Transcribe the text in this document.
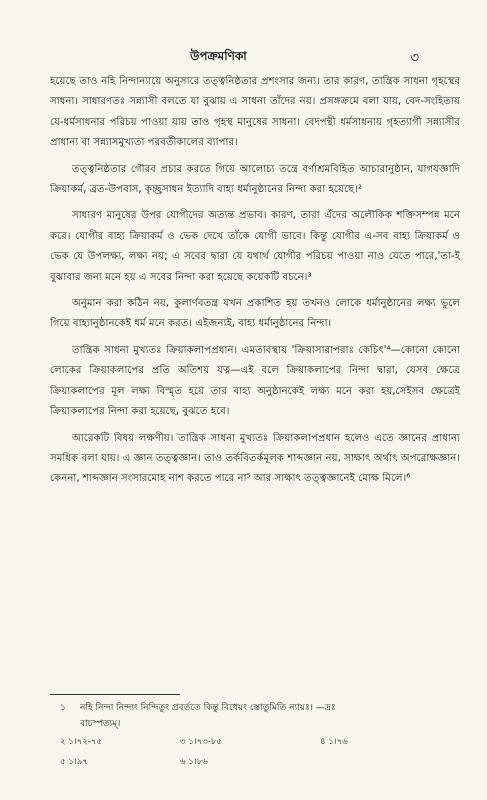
উপক্রমণিকা	৩

হয়েছে তাও নহি নিন্দান্যায়ে অনুসারে তত্ত্বনিষ্ঠতার প্রশংসার জন্য। তার কারণ, তান্ত্রিক সাধনা গৃহস্থের সাধনা। সাধারণতঃ সন্ন্যাসী বলতে যা বুঝায় এ সাধনা তাঁদের নয়। প্রসঙ্গক্রমে বলা যায়, বেদ-সংহিতায় যে-ধর্মসাধনার পরিচয় পাওয়া যায় তাও গৃহস্থ মানুষের সাধনা। বেদপন্থী ধর্মসাধনায় গৃহত্যাগী সন্ন্যাসীর প্রাধান্য বা সন্ন্যাসমুখ্যতা পরবর্তীকালের ব্যাপার।

তত্ত্বনিষ্ঠতার গৌরব প্রচার করতে গিয়ে আলোচ্য তন্ত্রে বর্ণাশ্রমবিহিত আচারানুষ্ঠান, যাগযজ্ঞাদি ক্রিয়াকর্ম, ব্রত-উপবাস, কৃচ্ছ্রসাধন ইত্যাদি বাহ্য ধর্মানুষ্ঠানের নিন্দা করা হয়েছে।²

সাধারণ মানুষের উপর যোগীদের অত্যন্ত প্রভাব। কারণ, তারা এঁদের অলৌকিক শক্তিসম্পন্ন মনে করে। যোগীর বাহ্য ক্রিয়াকর্ম ও ভেক দেখে তাঁকে যোগী ভাবে। কিন্তু যোগীর এ-সব বাহ্য ক্রিয়াকর্ম ও ভেক যে উপলক্ষ্য, লক্ষ্য নয়; এ সবের দ্বারা যে যথার্থ যোগীর পরিচয় পাওয়া নাও যেতে পারে,'তা-ই বুঝাবার জন্য মনে হয় এ সবের নিন্দা করা হয়েছে কয়েকটি বচনে।³

অনুমান করা কঠিন নয়, কুলার্ণবতন্ত্র যখন প্রকাশিত হয় তখনও লোকে ধর্মানুষ্ঠানের লক্ষ্য ভুলে গিয়ে বাহ্যানুষ্ঠানকেই ধর্ম মনে করত। এইজন্যই, বাহ্য ধর্মানুষ্ঠানের নিন্দা।

তান্ত্রিক সাধনা মুখ্যতঃ ক্রিয়াকলাপপ্রধান। এমতাবস্থায় 'ক্রিয়াসারাপরাঃ কেচিৎ'⁴—কোনো কোনো লোকের ক্রিয়াকলাপের প্রতি অতিশয় যত্ন—এই বলে ক্রিয়াকলাপের নিন্দা দ্বারা, যেসব ক্ষেত্রে ক্রিয়াকলাপের মূল লক্ষ্য বিস্মৃত হয়ে তার বাহ্য অনুষ্ঠানকেই লক্ষ্য মনে করা হয়,সেইসব ক্ষেত্রেই ক্রিয়াকলাপের নিন্দা করা হয়েছে, বুঝতে হবে।

আরেকটি বিষয় লক্ষণীয়। তান্ত্রিক সাধনা মুখ্যতঃ ক্রিয়াকলাপপ্রধান হলেও এতে জ্ঞানের প্রাধান্য সমধিক বলা যায়। এ জ্ঞান তত্ত্বজ্ঞান। তাও তর্কবিতর্কমূলক শাব্দজ্ঞান নয়, সাক্ষাৎ অর্থাৎ অপরোক্ষজ্ঞান। কেননা, শাব্দজ্ঞান সংসারমোহ নাশ করতে পারে না⁵ আর সাক্ষাৎ তত্ত্বজ্ঞানেই মোক্ষ মিলে।⁶

১	নহি নিন্দা নিন্দ্যং নিন্দিতুং প্রবর্ততে কিন্তু বিধেয়ং স্তোতুমিতি ন্যায়ঃ। —দ্রঃ
বাচস্পত্যম্।
২ ১।৭২-৭৫	৩ ১।৭৩-৮৫	৪ ১।৭৬
৫ ১।৯৭	৬ ১।৮৬
